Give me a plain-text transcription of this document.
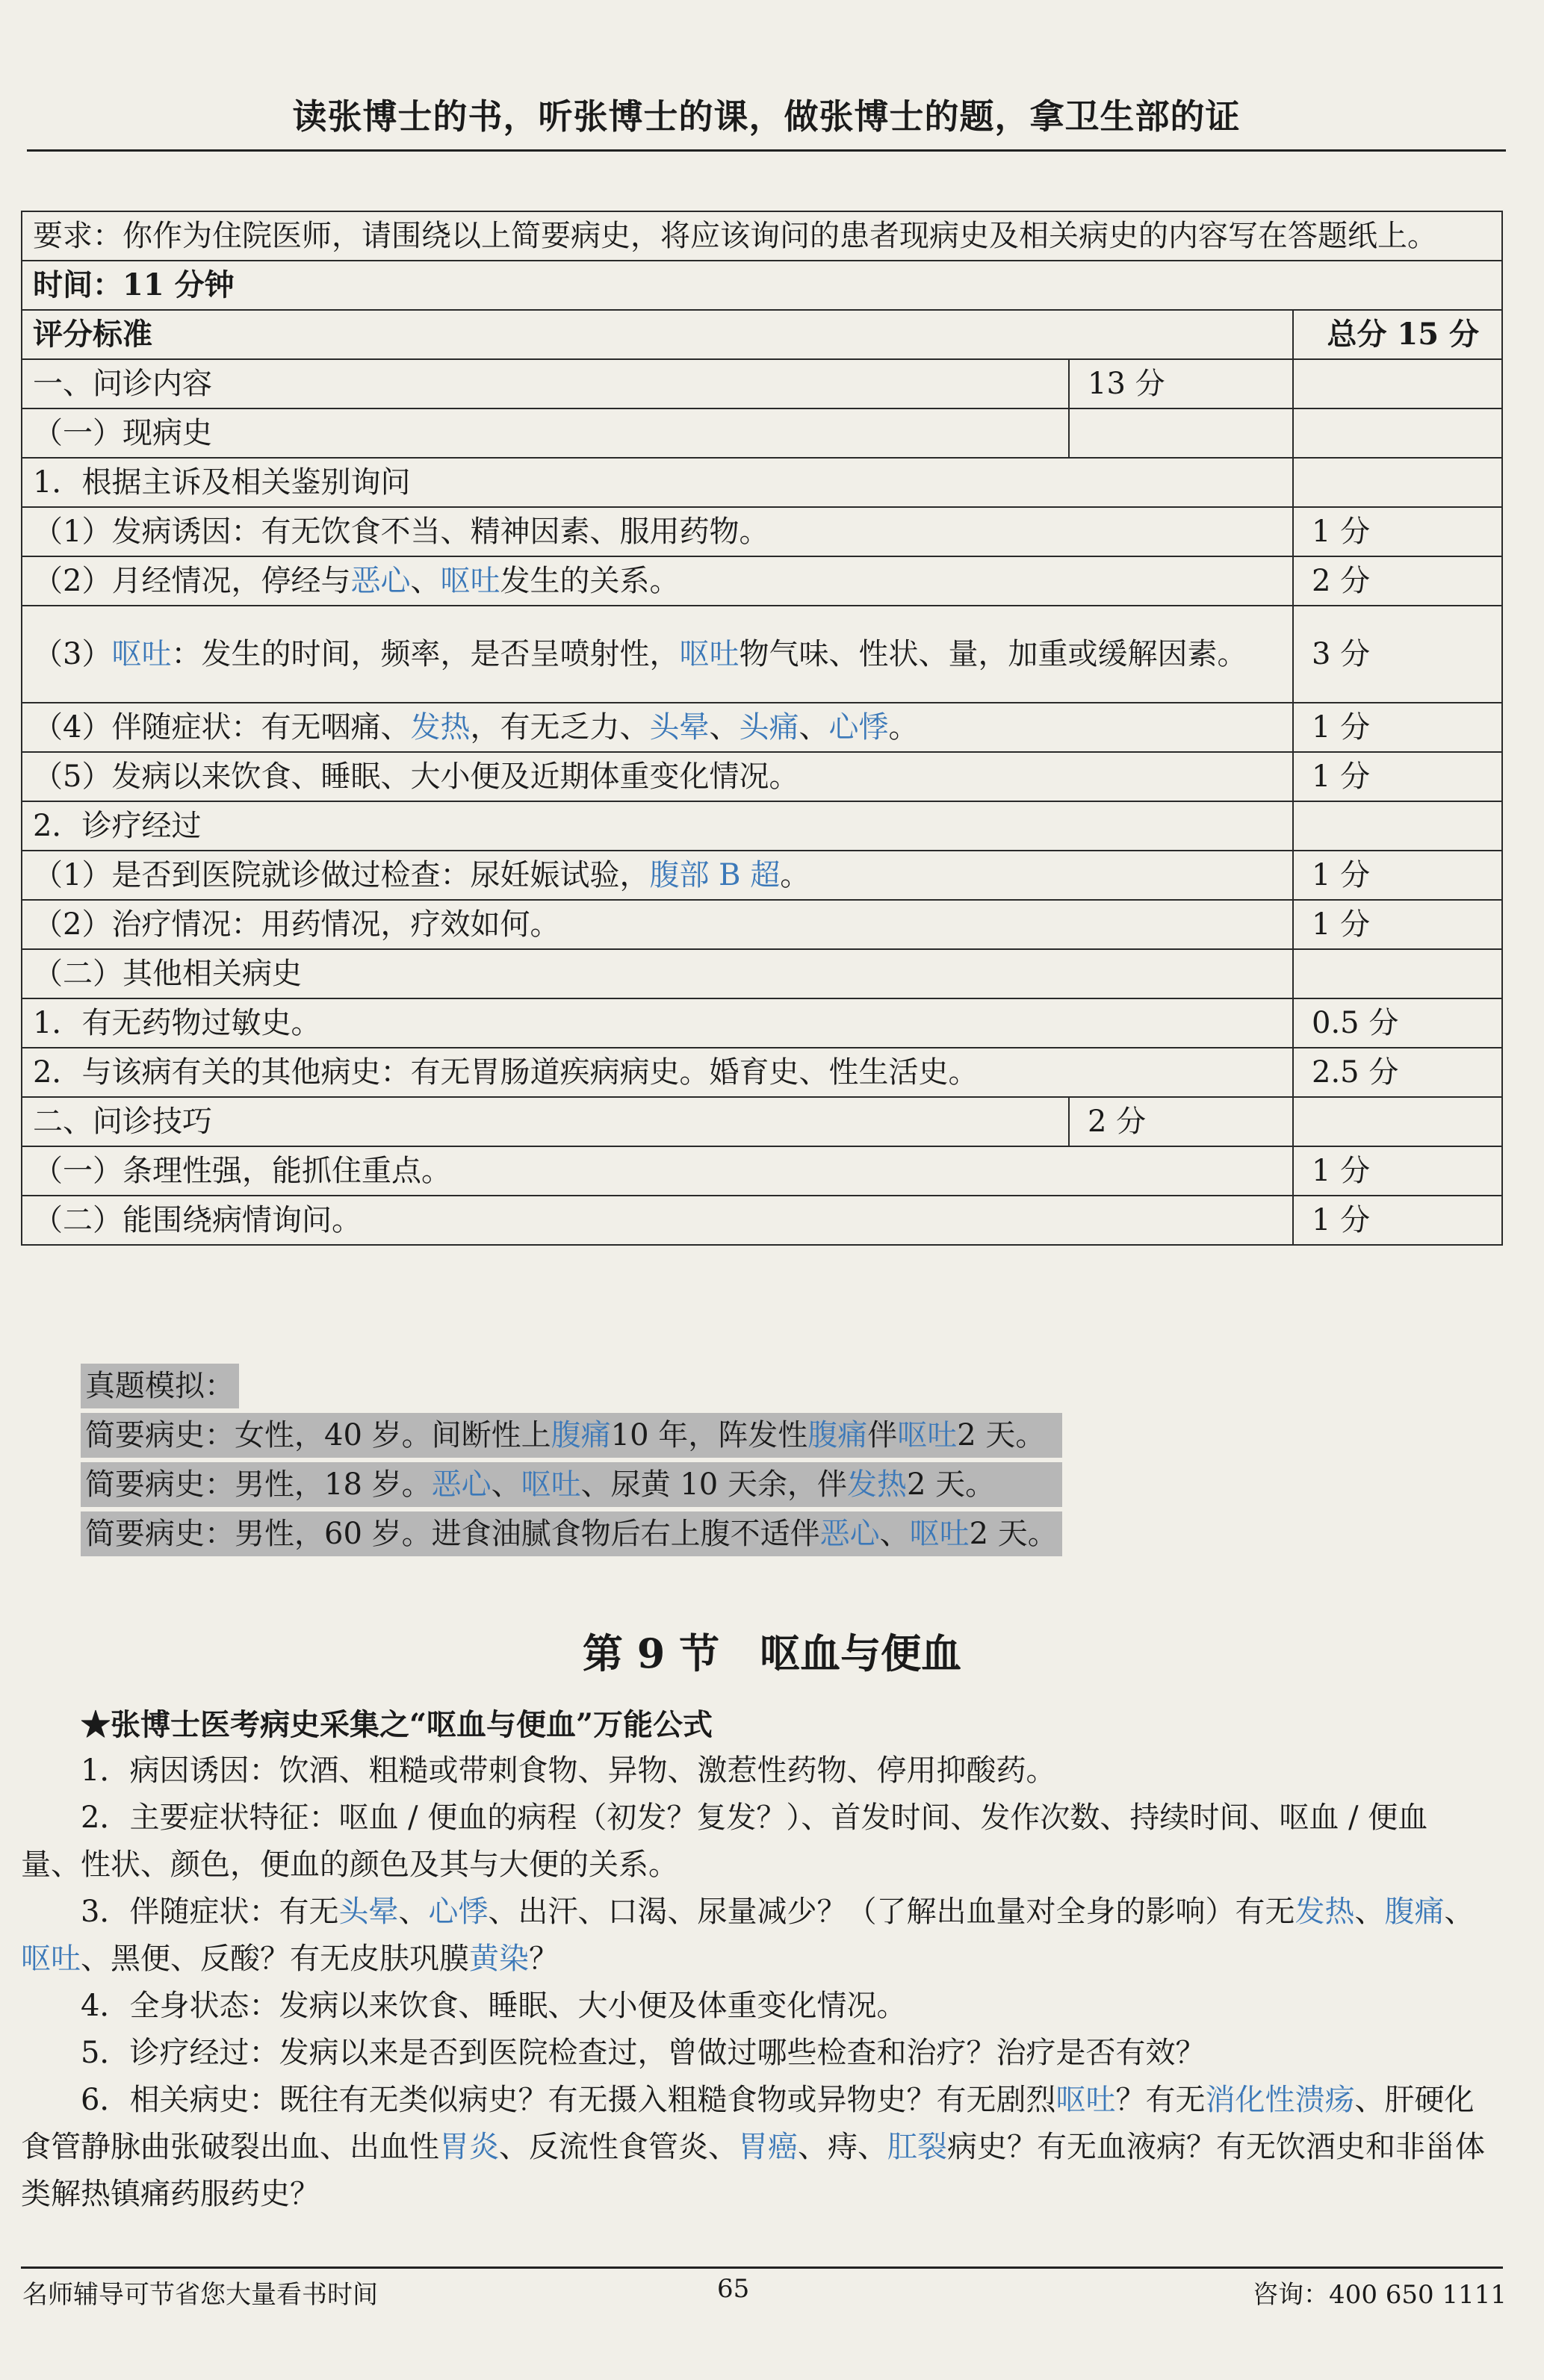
读张博士的书，听张博士的课，做张博士的题，拿卫生部的证
要求：你作为住院医师，请围绕以上简要病史，将应该询问的患者现病史及相关病史的内容写在答题纸上。		
时间：11 分钟		
评分标准		总分 15 分
一、问诊内容	13 分	
（一）现病史		
1．根据主诉及相关鉴别询问		
（1）发病诱因：有无饮食不当、精神因素、服用药物。		1 分
（2）月经情况，停经与恶心、呕吐发生的关系。		2 分
（3）呕吐：发生的时间，频率，是否呈喷射性，呕吐物气味、性状、量，加重或缓解因素。		3 分
（4）伴随症状：有无咽痛、发热，有无乏力、头晕、头痛、心悸。		1 分
（5）发病以来饮食、睡眠、大小便及近期体重变化情况。		1 分
2．诊疗经过		
（1）是否到医院就诊做过检查：尿妊娠试验，腹部 B 超。		1 分
（2）治疗情况：用药情况，疗效如何。		1 分
（二）其他相关病史		
1．有无药物过敏史。		0.5 分
2．与该病有关的其他病史：有无胃肠道疾病病史。婚育史、性生活史。		2.5 分
二、问诊技巧	2 分	
（一）条理性强，能抓住重点。		1 分
（二）能围绕病情询问。		1 分
真题模拟：
简要病史：女性，40 岁。间断性上腹痛10 年，阵发性腹痛伴呕吐2 天。
简要病史：男性，18 岁。恶心、呕吐、尿黄 10 天余，伴发热2 天。
简要病史：男性，60 岁。进食油腻食物后右上腹不适伴恶心、呕吐2 天。
第 9 节　呕血与便血
★张博士医考病史采集之“呕血与便血”万能公式

1．病因诱因：饮酒、粗糙或带刺食物、异物、激惹性药物、停用抑酸药。

2．主要症状特征：呕血 / 便血的病程（初发？复发？）、首发时间、发作次数、持续时间、呕血 / 便血量、性状、颜色，便血的颜色及其与大便的关系。

3．伴随症状：有无头晕、心悸、出汗、口渴、尿量减少？（了解出血量对全身的影响）有无发热、腹痛、呕吐、黑便、反酸？有无皮肤巩膜黄染？

4．全身状态：发病以来饮食、睡眠、大小便及体重变化情况。

5．诊疗经过：发病以来是否到医院检查过，曾做过哪些检查和治疗？治疗是否有效？

6．相关病史：既往有无类似病史？有无摄入粗糙食物或异物史？有无剧烈呕吐？有无消化性溃疡、肝硬化食管静脉曲张破裂出血、出血性胃炎、反流性食管炎、胃癌、痔、肛裂病史？有无血液病？有无饮酒史和非甾体类解热镇痛药服药史？

名师辅导可节省您大量看书时间	65	咨询：400 650 1111
